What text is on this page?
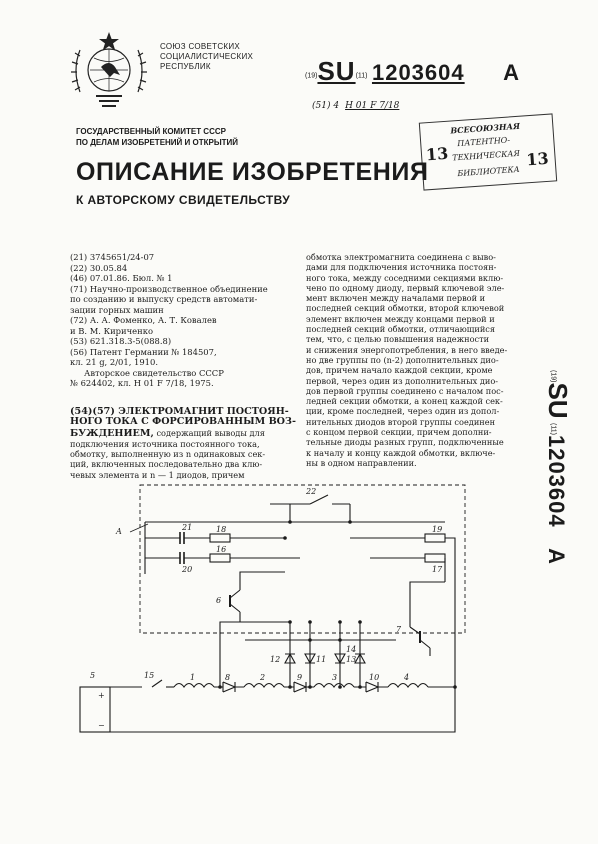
СОЮЗ СОВЕТСКИХ
СОЦИАЛИСТИЧЕСКИХ
РЕСПУБЛИК
(19)SU(11) 1203604 A
(51) 4 H 01 F 7/18
13	13
ВСЕСОЮЗНАЯ
ПАТЕНТНО-
ТЕХНИЧЕСКАЯ
БИБЛИОТЕКА
ГОСУДАРСТВЕННЫЙ КОМИТЕТ СССР
ПО ДЕЛАМ ИЗОБРЕТЕНИЙ И ОТКРЫТИЙ
ОПИСАНИЕ ИЗОБРЕТЕНИЯ
К АВТОРСКОМУ СВИДЕТЕЛЬСТВУ
(21) 3745651/24-07
(22) 30.05.84
(46) 07.01.86. Бюл. № 1
(71) Научно-производственное объединение
по созданию и выпуску средств автомати-
зации горных машин
(72) А. А. Фоменко, А. Т. Ковалев
и В. М. Кириченко
(53) 621.318.3-5(088.8)
(56) Патент Германии № 184507,
кл. 21 g, 2/01, 1910.
Авторское свидетельство СССР
№ 624402, кл. H 01 F 7/18, 1975.
(54)(57) ЭЛЕКТРОМАГНИТ ПОСТОЯН-
НОГО ТОКА С ФОРСИРОВАННЫМ ВОЗ-
БУЖДЕНИЕМ, содержащий выводы для
подключения источника постоянного тока,
обмотку, выполненную из n одинаковых сек-
ций, включенных последовательно два клю-
чевых элемента и n — 1 диодов, причем
обмотка электромагнита соединена с выво-
дами для подключения источника постоян-
ного тока, между соседними секциями вклю-
чено по одному диоду, первый ключевой эле-
мент включен между началами первой и
последней секций обмотки, второй ключевой
элемент включен между концами первой и
последней секций обмотки, отличающийся
тем, что, с целью повышения надежности
и снижения энергопотребления, в него введе-
но две группы по (n-2) дополнительных дио-
дов, причем начало каждой секции, кроме
первой, через один из дополнительных дио-
дов первой группы соединено с началом пос-
ледней секции обмотки, а конец каждой сек-
ции, кроме последней, через один из допол-
нительных диодов второй группы соединен
с концом первой секции, причем дополни-
тельные диоды разных групп, подключенные
к началу и концу каждой обмотки, включе-
ны в одном направлении.
(19)SU (11)1203604 A
A
5	15
+
−
1	2	3	4
6
7
8	9	10
11
12	13
14
16
17
18	19
20
21
22
